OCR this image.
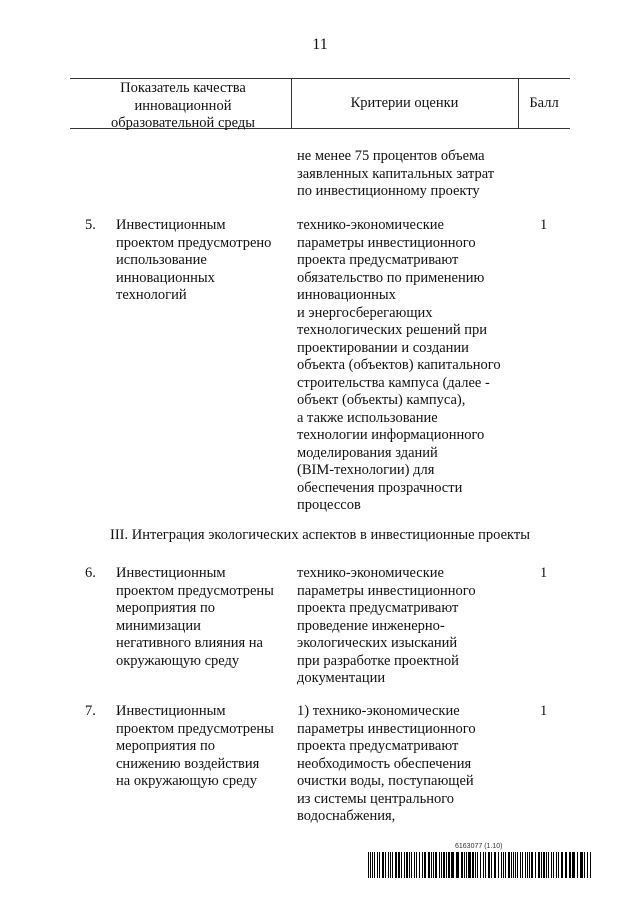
11
Показатель качества
инновационной
образовательной среды
Критерии оценки	Балл
не менее 75 процентов объема
заявленных капитальных затрат
по инвестиционному проекту
5. Инвестиционным
проектом предусмотрено
использование
инновационных
технологий
технико-экономические
параметры инвестиционного
проекта предусматривают
обязательство по применению
инновационных
и энергосберегающих
технологических решений при
проектировании и создании
объекта (объектов) капитального
строительства кампуса (далее -
объект (объекты) кампуса),
а также использование
технологии информационного
моделирования зданий
(BIM-технологии) для
обеспечения прозрачности
процессов
1
III. Интеграция экологических аспектов в инвестиционные проекты
6. Инвестиционным
проектом предусмотрены
мероприятия по
минимизации
негативного влияния на
окружающую среду
технико-экономические
параметры инвестиционного
проекта предусматривают
проведение инженерно-
экологических изысканий
при разработке проектной
документации
1
7. Инвестиционным
проектом предусмотрены
мероприятия по
снижению воздействия
на окружающую среду
1) технико-экономические
параметры инвестиционного
проекта предусматривают
необходимость обеспечения
очистки воды, поступающей
из системы центрального
водоснабжения,
1
6163077 (1.10)
